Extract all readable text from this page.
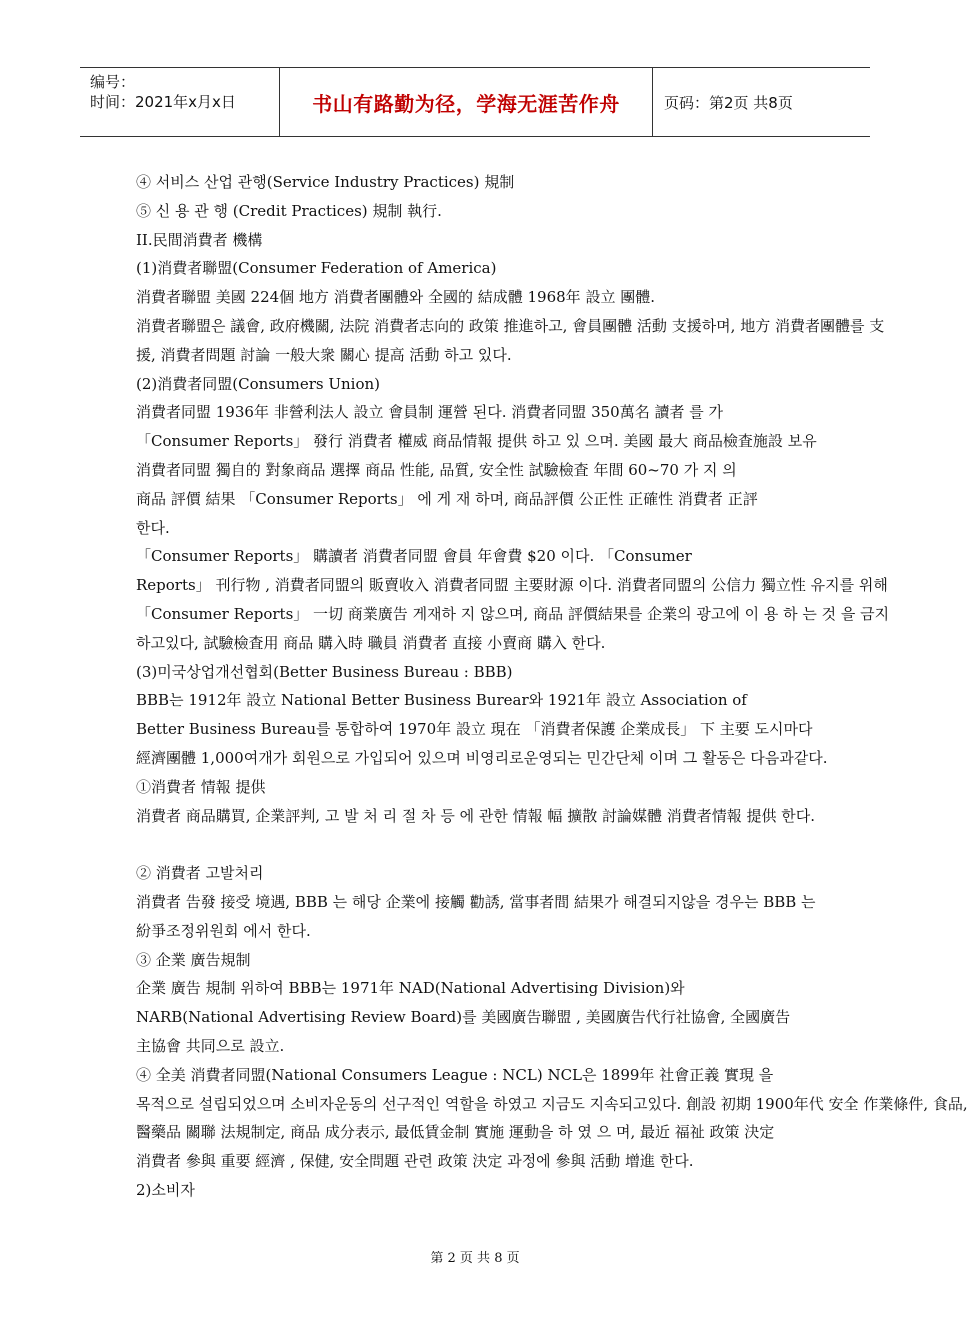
编号：
时间：2021年x月x日	书山有路勤为径，学海无涯苦作舟	页码：第2页 共8页
④ 서비스 산업 관행(Service Industry Practices) 規制
⑤ 신 용 관 행 (Credit Practices) 規制 執行.
II.民間消費者 機構
(1)消費者聯盟(Consumer Federation of America)
消費者聯盟 美國 224個 地方 消費者團體와 全國的 結成體 1968年 設立 團體.
消費者聯盟은 議會, 政府機關, 法院 消費者志向的 政策 推進하고, 會員團體 活動 支援하며, 地方 消費者團體를 支
援, 消費者問題 討論 一般大衆 關心 提高 活動 하고 있다.
(2)消費者同盟(Consumers Union)
消費者同盟 1936年 非營利法人 設立 會員制 運營 된다. 消費者同盟 350萬名 讀者 를 가
「Consumer Reports」 發行 消費者 權威 商品情報 提供 하고 있 으며. 美國 最大 商品檢査施設 보유
消費者同盟 獨自的 對象商品 選擇 商品 性能, 品質, 安全性 試驗檢査 年間 60~70 가 지 의
商品 評價 結果 「Consumer Reports」 에 게 재 하며, 商品評價 公正性 正確性 消費者 正評
한다.
「Consumer Reports」 購讀者 消費者同盟 會員 年會費 $20 이다. 「Consumer
Reports」 刊行物 , 消費者同盟의 販賣收入 消費者同盟 主要財源 이다. 消費者同盟의 公信力 獨立性 유지를 위해
「Consumer Reports」 一切 商業廣告 게재하 지 않으며, 商品 評價結果를 企業의 광고에 이 용 하 는 것 을 금지
하고있다, 試驗檢査用 商品 購入時 職員 消費者 直接 小賣商 購入 한다.
(3)미국상업개선협회(Better Business Bureau : BBB)
BBB는 1912年 設立 National Better Business Burear와 1921年 設立 Association of
Better Business Bureau를 통합하여 1970年 設立 現在 「消費者保護 企業成長」 下 主要 도시마다
經濟團體 1,000여개가 회원으로 가입되어 있으며 비영리로운영되는 민간단체 이며 그 활동은 다음과같다.
①消費者 情報 提供
消費者 商品購買, 企業評判, 고 발 처 리 절 차 등 에 관한 情報 幅 擴散 討論媒體 消費者情報 提供 한다.
② 消費者 고발처리
消費者 告發 接受 境遇, BBB 는 해당 企業에 接觸 勸誘, 當事者間 結果가 해결되지않을 경우는 BBB 는
紛爭조정위원회 에서 한다.
③ 企業 廣告規制
企業 廣告 規制 위하여 BBB는 1971年 NAD(National Advertising Division)와
NARB(National Advertising Review Board)를 美國廣告聯盟 , 美國廣告代行社協會, 全國廣告
主協會 共同으로 設立.
④ 全美 消費者同盟(National Consumers League : NCL) NCL은 1899年 社會正義 實現 을
목적으로 설립되었으며 소비자운동의 선구적인 역할을 하였고 지금도 지속되고있다. 創設 初期 1900年代 安全 作業條件, 食品,
醫藥品 關聯 法規制定, 商品 成分表示, 最低賃金制 實施 運動을 하 였 으 며, 最近 福祉 政策 決定
消費者 參與 重要 經濟 , 保健, 安全問題 관련 政策 決定 과정에 參與 活動 增進 한다.
2)소비자
第 2 页 共 8 页
